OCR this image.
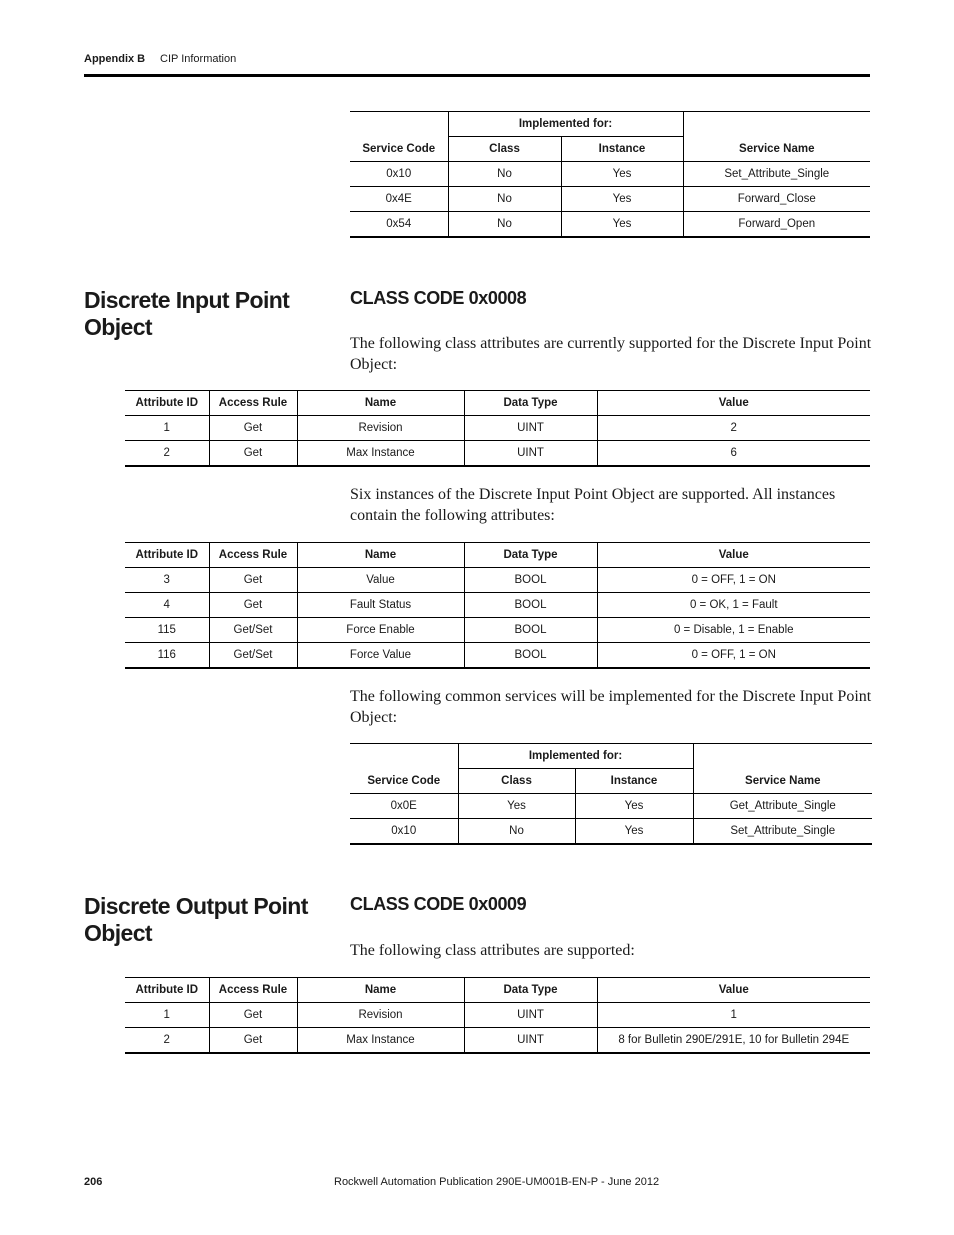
Appendix B CIP Information
Service Code	Implemented for:		Service Name
	Class	Instance	
0x10	No	Yes	Set_Attribute_Single
0x4E	No	Yes	Forward_Close
0x54	No	Yes	Forward_Open
Discrete Input Point Object
CLASS CODE 0x0008
The following class attributes are currently supported for the Discrete Input Point Object:
Attribute ID	Access Rule	Name	Data Type	Value
1	Get	Revision	UINT	2
2	Get	Max Instance	UINT	6
Six instances of the Discrete Input Point Object are supported. All instances contain the following attributes:
Attribute ID	Access Rule	Name	Data Type	Value
3	Get	Value	BOOL	0 = OFF, 1 = ON
4	Get	Fault Status	BOOL	0 = OK, 1 = Fault
115	Get/Set	Force Enable	BOOL	0 = Disable, 1 = Enable
116	Get/Set	Force Value	BOOL	0 = OFF, 1 = ON
The following common services will be implemented for the Discrete Input Point Object:
Service Code	Implemented for:		Service Name
	Class	Instance	
0x0E	Yes	Yes	Get_Attribute_Single
0x10	No	Yes	Set_Attribute_Single
Discrete Output Point Object
CLASS CODE 0x0009
The following class attributes are supported:
Attribute ID	Access Rule	Name	Data Type	Value
1	Get	Revision	UINT	1
2	Get	Max Instance	UINT	8 for Bulletin 290E/291E, 10 for Bulletin 294E
206	Rockwell Automation Publication 290E-UM001B-EN-P - June 2012
